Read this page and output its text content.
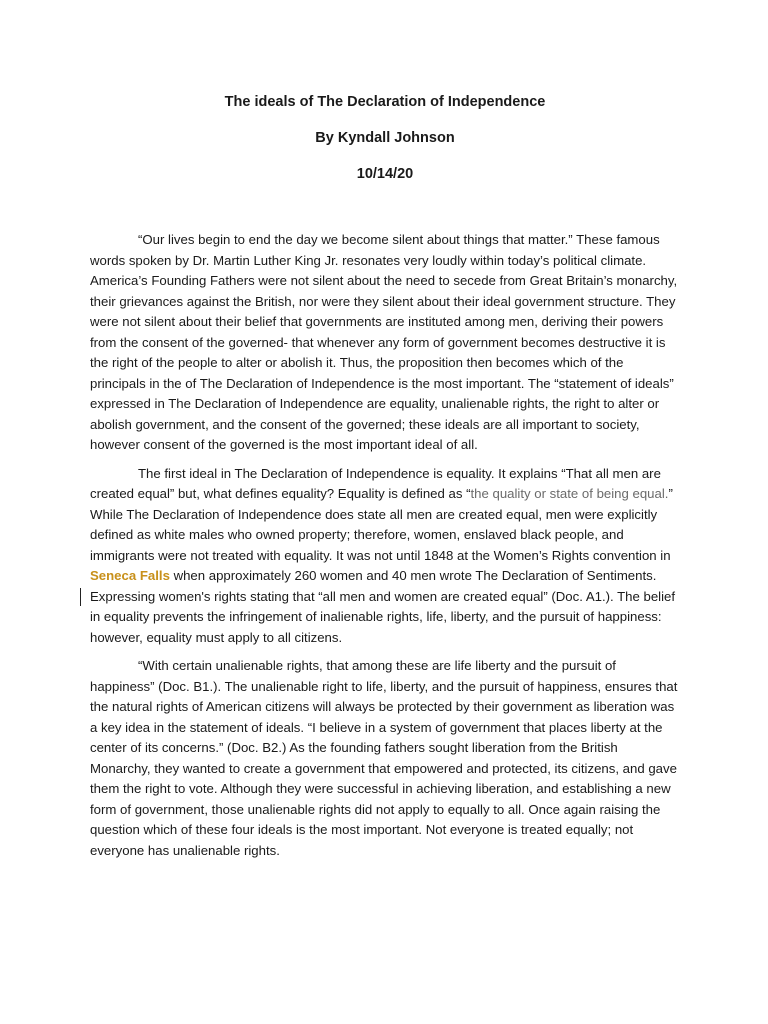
The ideals of The Declaration of Independence
By Kyndall Johnson
10/14/20

“Our lives begin to end the day we become silent about things that matter.” These famous words spoken by Dr. Martin Luther King Jr. resonates very loudly within today’s political climate. America’s Founding Fathers were not silent about the need to secede from Great Britain’s monarchy, their grievances against the British, nor were they silent about their ideal government structure. They were not silent about their belief that governments are instituted among men, deriving their powers from the consent of the governed- that whenever any form of government becomes destructive it is the right of the people to alter or abolish it. Thus, the proposition then becomes which of the principals in the of The Declaration of Independence is the most important. The “statement of ideals” expressed in The Declaration of Independence are equality, unalienable rights, the right to alter or abolish government, and the consent of the governed; these ideals are all important to society, however consent of the governed is the most important ideal of all.

The first ideal in The Declaration of Independence is equality. It explains “That all men are created equal” but, what defines equality? Equality is defined as “the quality or state of being equal.” While The Declaration of Independence does state all men are created equal, men were explicitly defined as white males who owned property; therefore, women, enslaved black people, and immigrants were not treated with equality. It was not until 1848 at the Women’s Rights convention in Seneca Falls when approximately 260 women and 40 men wrote The Declaration of Sentiments. Expressing women's rights stating that “all men and women are created equal” (Doc. A1.). The belief in equality prevents the infringement of inalienable rights, life, liberty, and the pursuit of happiness: however, equality must apply to all citizens.

“With certain unalienable rights, that among these are life liberty and the pursuit of happiness” (Doc. B1.). The unalienable right to life, liberty, and the pursuit of happiness, ensures that the natural rights of American citizens will always be protected by their government as liberation was a key idea in the statement of ideals. “I believe in a system of government that places liberty at the center of its concerns.” (Doc. B2.) As the founding fathers sought liberation from the British Monarchy, they wanted to create a government that empowered and protected, its citizens, and gave them the right to vote. Although they were successful in achieving liberation, and establishing a new form of government, those unalienable rights did not apply to equally to all. Once again raising the question which of these four ideals is the most important. Not everyone is treated equally; not everyone has unalienable rights.
